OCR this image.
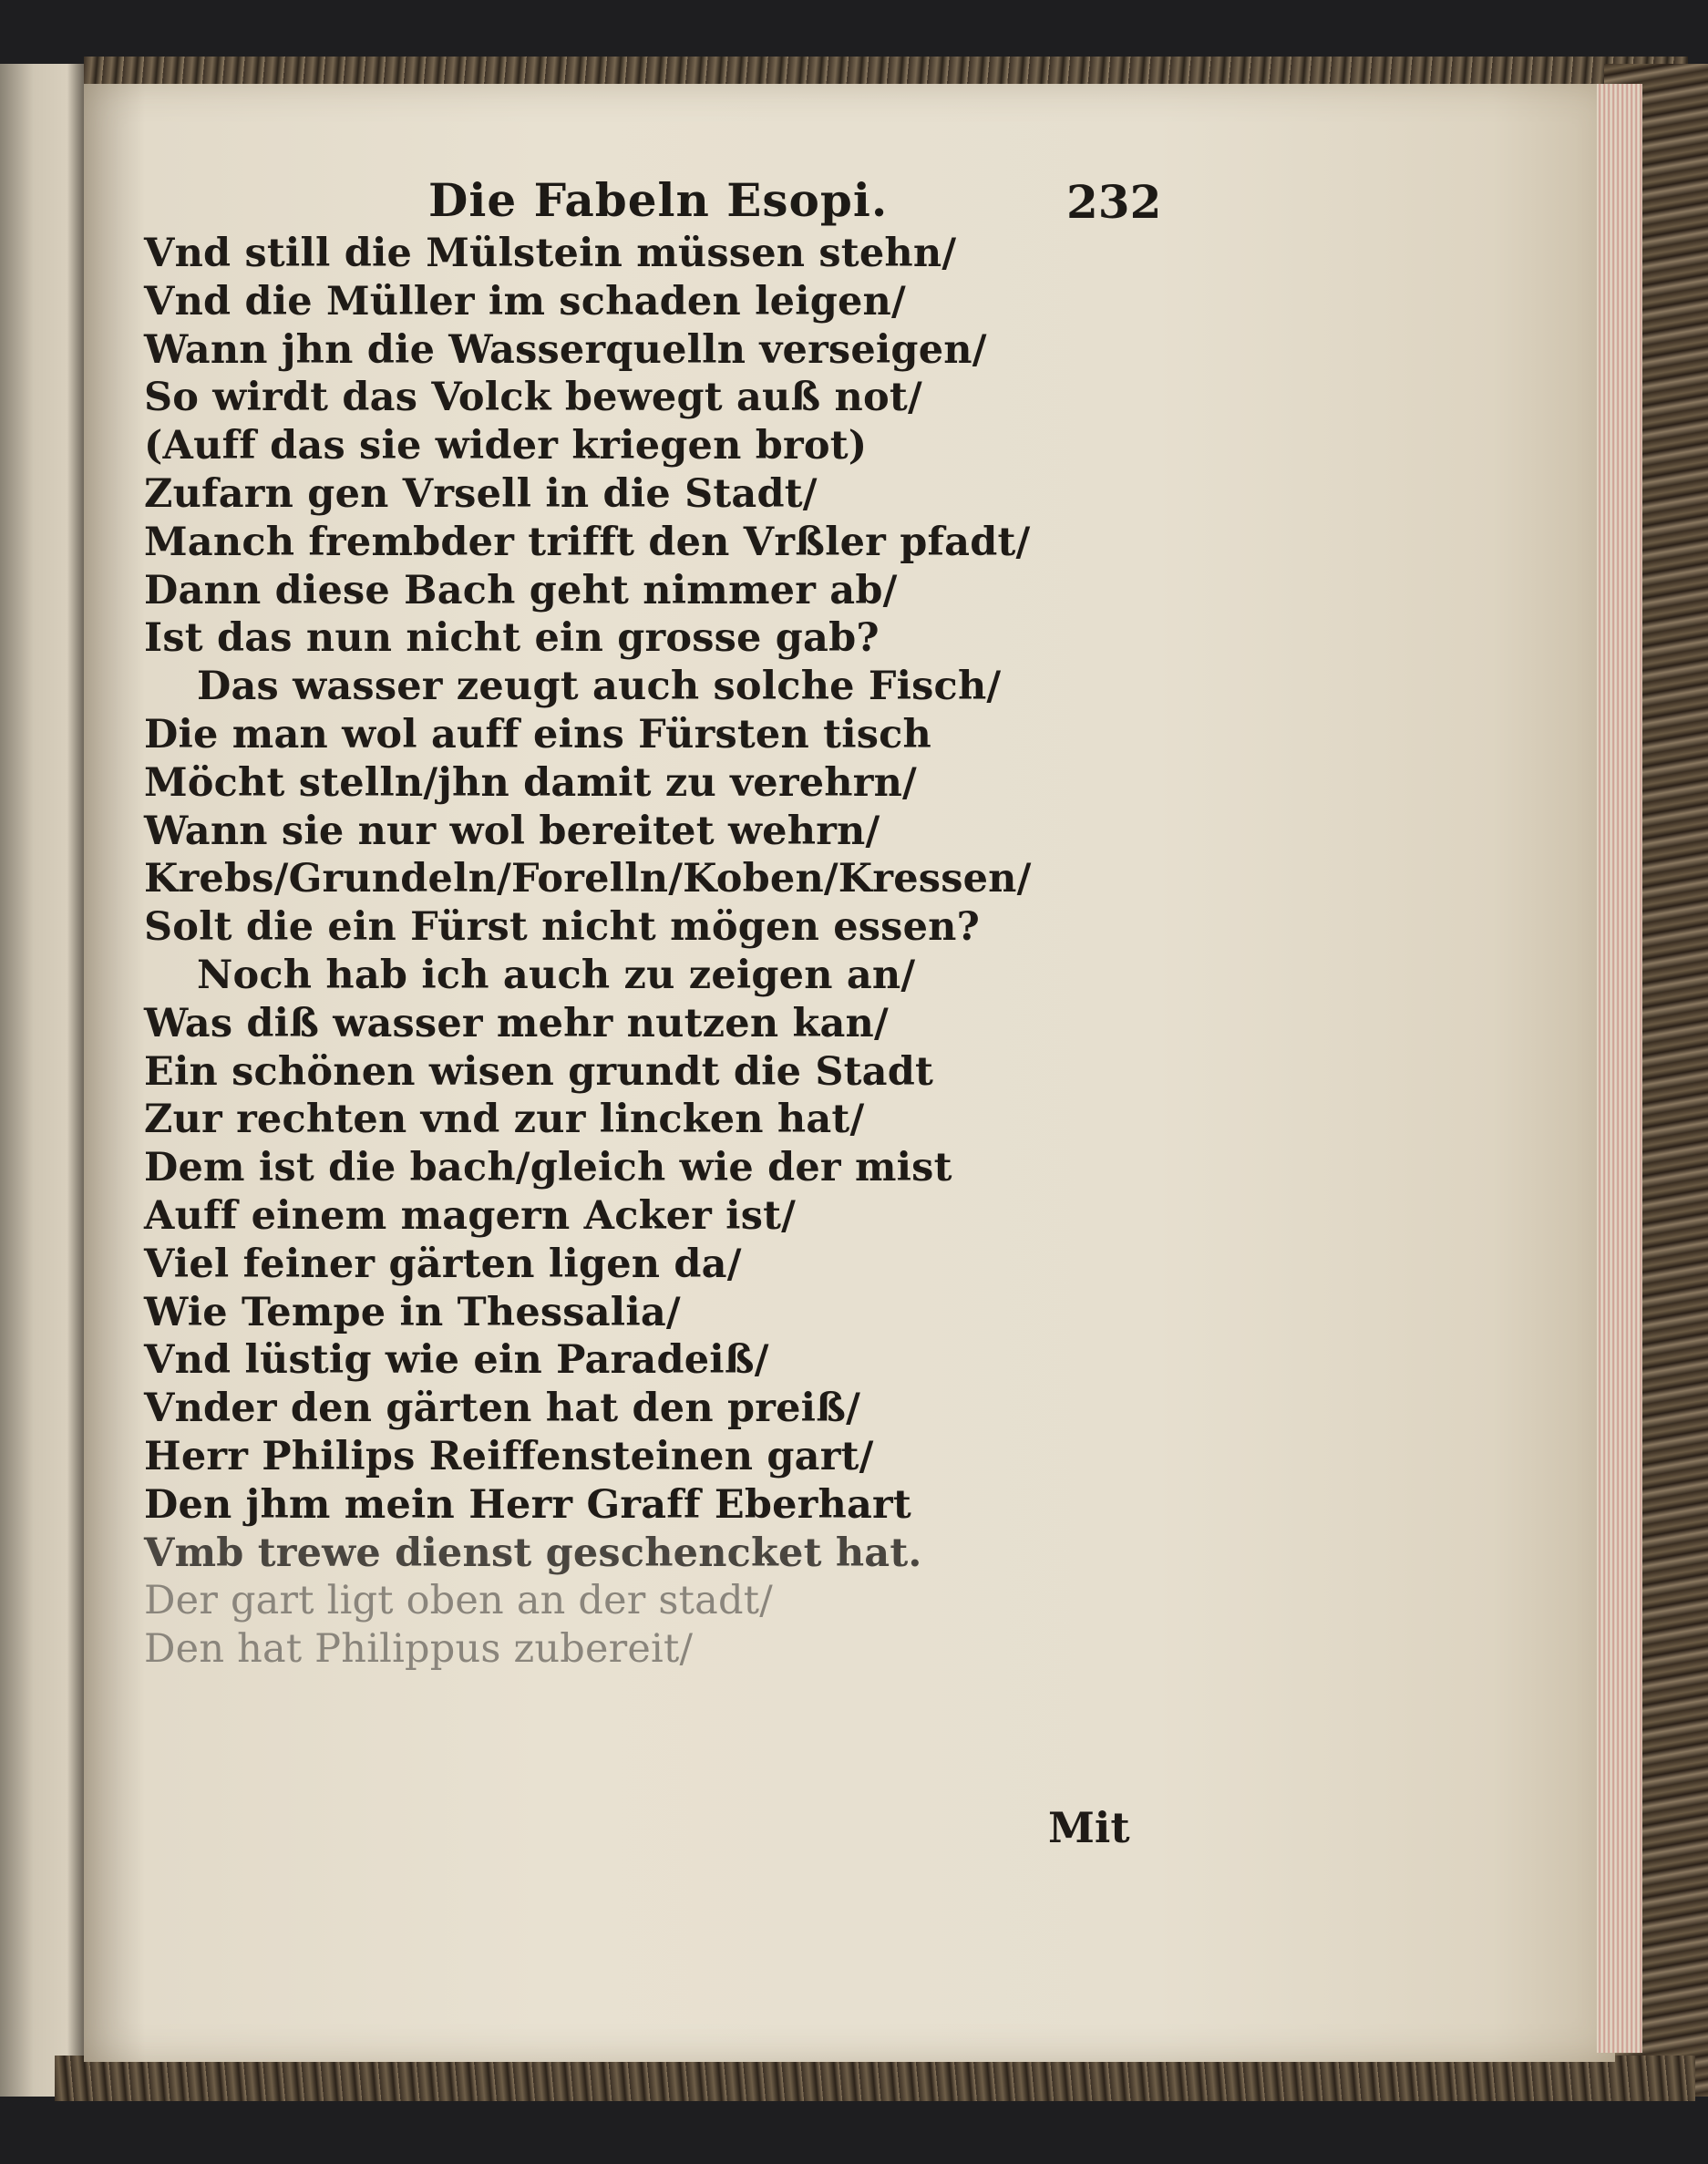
Die Fabeln Esopi.	232
Vnd still die Mülstein müssen stehn/
Vnd die Müller im schaden leigen/
Wann jhn die Wasserquelln verseigen/
So wirdt das Volck bewegt auß not/
(Auff das sie wider kriegen brot)
Zufarn gen Vrsell in die Stadt/
Manch frembder trifft den Vrßler pfadt/
Dann diese Bach geht nimmer ab/
Ist das nun nicht ein grosse gab?
Das wasser zeugt auch solche Fisch/
Die man wol auff eins Fürsten tisch
Möcht stelln/jhn damit zu verehrn/
Wann sie nur wol bereitet wehrn/
Krebs/Grundeln/Forelln/Koben/Kressen/
Solt die ein Fürst nicht mögen essen?
Noch hab ich auch zu zeigen an/
Was diß wasser mehr nutzen kan/
Ein schönen wisen grundt die Stadt
Zur rechten vnd zur lincken hat/
Dem ist die bach/gleich wie der mist
Auff einem magern Acker ist/
Viel feiner gärten ligen da/
Wie Tempe in Thessalia/
Vnd lüstig wie ein Paradeiß/
Vnder den gärten hat den preiß/
Herr Philips Reiffensteinen gart/
Den jhm mein Herr Graff Eberhart
Vmb trewe dienst geschencket hat.
Der gart ligt oben an der stadt/
Den hat Philippus zubereit/
Mit
